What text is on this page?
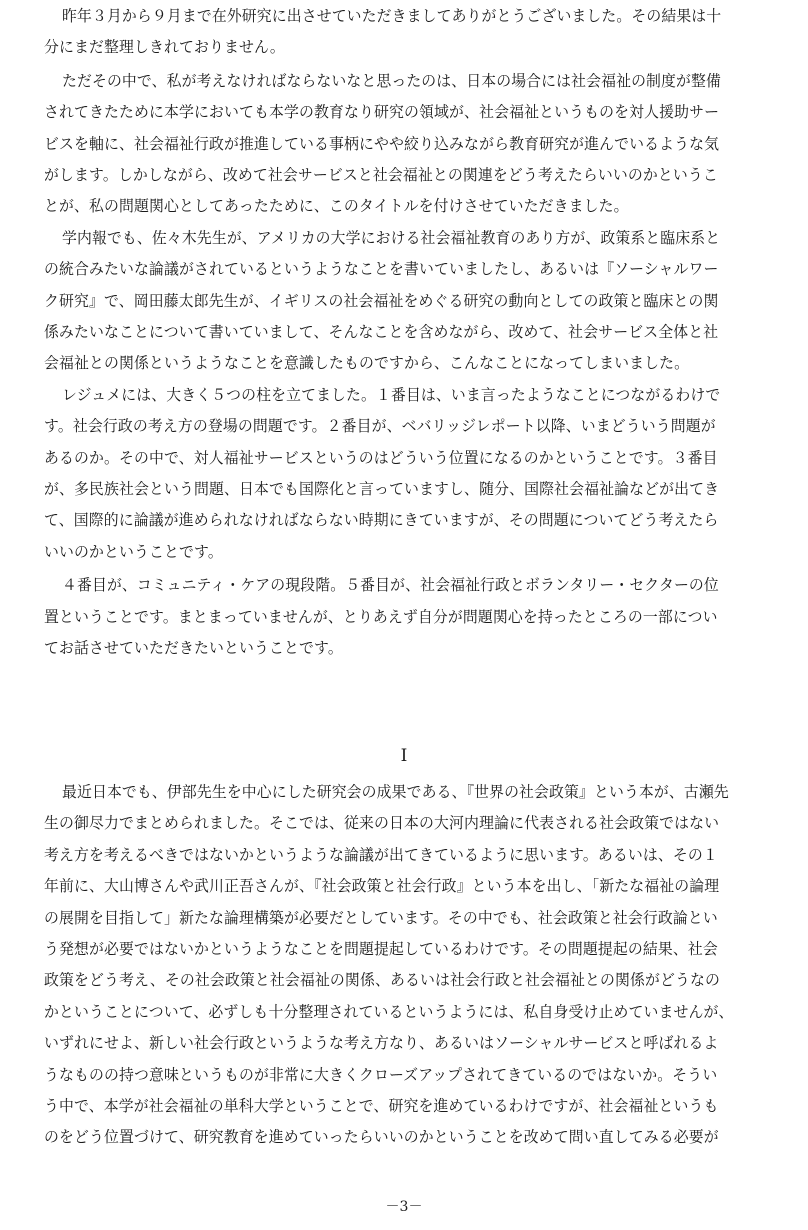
昨年３月から９月まで在外研究に出させていただきましてありがとうございました。その結果は十
分にまだ整理しきれておりません。
ただその中で、私が考えなければならないなと思ったのは、日本の場合には社会福祉の制度が整備
されてきたために本学においても本学の教育なり研究の領域が、社会福祉というものを対人援助サー
ビスを軸に、社会福祉行政が推進している事柄にやや絞り込みながら教育研究が進んでいるような気
がします。しかしながら、改めて社会サービスと社会福祉との関連をどう考えたらいいのかというこ
とが、私の問題関心としてあったために、このタイトルを付けさせていただきました。
学内報でも、佐々木先生が、アメリカの大学における社会福祉教育のあり方が、政策系と臨床系と
の統合みたいな論議がされているというようなことを書いていましたし、あるいは『ソーシャルワー
ク研究』で、岡田藤太郎先生が、イギリスの社会福祉をめぐる研究の動向としての政策と臨床との関
係みたいなことについて書いていまして、そんなことを含めながら、改めて、社会サービス全体と社
会福祉との関係というようなことを意識したものですから、こんなことになってしまいました。
レジュメには、大きく５つの柱を立てました。１番目は、いま言ったようなことにつながるわけで
す。社会行政の考え方の登場の問題です。２番目が、ベバリッジレポート以降、いまどういう問題が
あるのか。その中で、対人福祉サービスというのはどういう位置になるのかということです。３番目
が、多民族社会という問題、日本でも国際化と言っていますし、随分、国際社会福祉論などが出てき
て、国際的に論議が進められなければならない時期にきていますが、その問題についてどう考えたら
いいのかということです。
４番目が、コミュニティ・ケアの現段階。５番目が、社会福祉行政とボランタリー・セクターの位
置ということです。まとまっていませんが、とりあえず自分が問題関心を持ったところの一部につい
てお話させていただきたいということです。
I
最近日本でも、伊部先生を中心にした研究会の成果である、『世界の社会政策』という本が、古瀬先
生の御尽力でまとめられました。そこでは、従来の日本の大河内理論に代表される社会政策ではない
考え方を考えるべきではないかというような論議が出てきているように思います。あるいは、その１
年前に、大山博さんや武川正吾さんが、『社会政策と社会行政』という本を出し、「新たな福祉の論理
の展開を目指して」新たな論理構築が必要だとしています。その中でも、社会政策と社会行政論とい
う発想が必要ではないかというようなことを問題提起しているわけです。その問題提起の結果、社会
政策をどう考え、その社会政策と社会福祉の関係、あるいは社会行政と社会福祉との関係がどうなの
かということについて、必ずしも十分整理されているというようには、私自身受け止めていませんが、
いずれにせよ、新しい社会行政というような考え方なり、あるいはソーシャルサービスと呼ばれるよ
うなものの持つ意味というものが非常に大きくクローズアップされてきているのではないか。そうい
う中で、本学が社会福祉の単科大学ということで、研究を進めているわけですが、社会福祉というも
のをどう位置づけて、研究教育を進めていったらいいのかということを改めて問い直してみる必要が
－3－
